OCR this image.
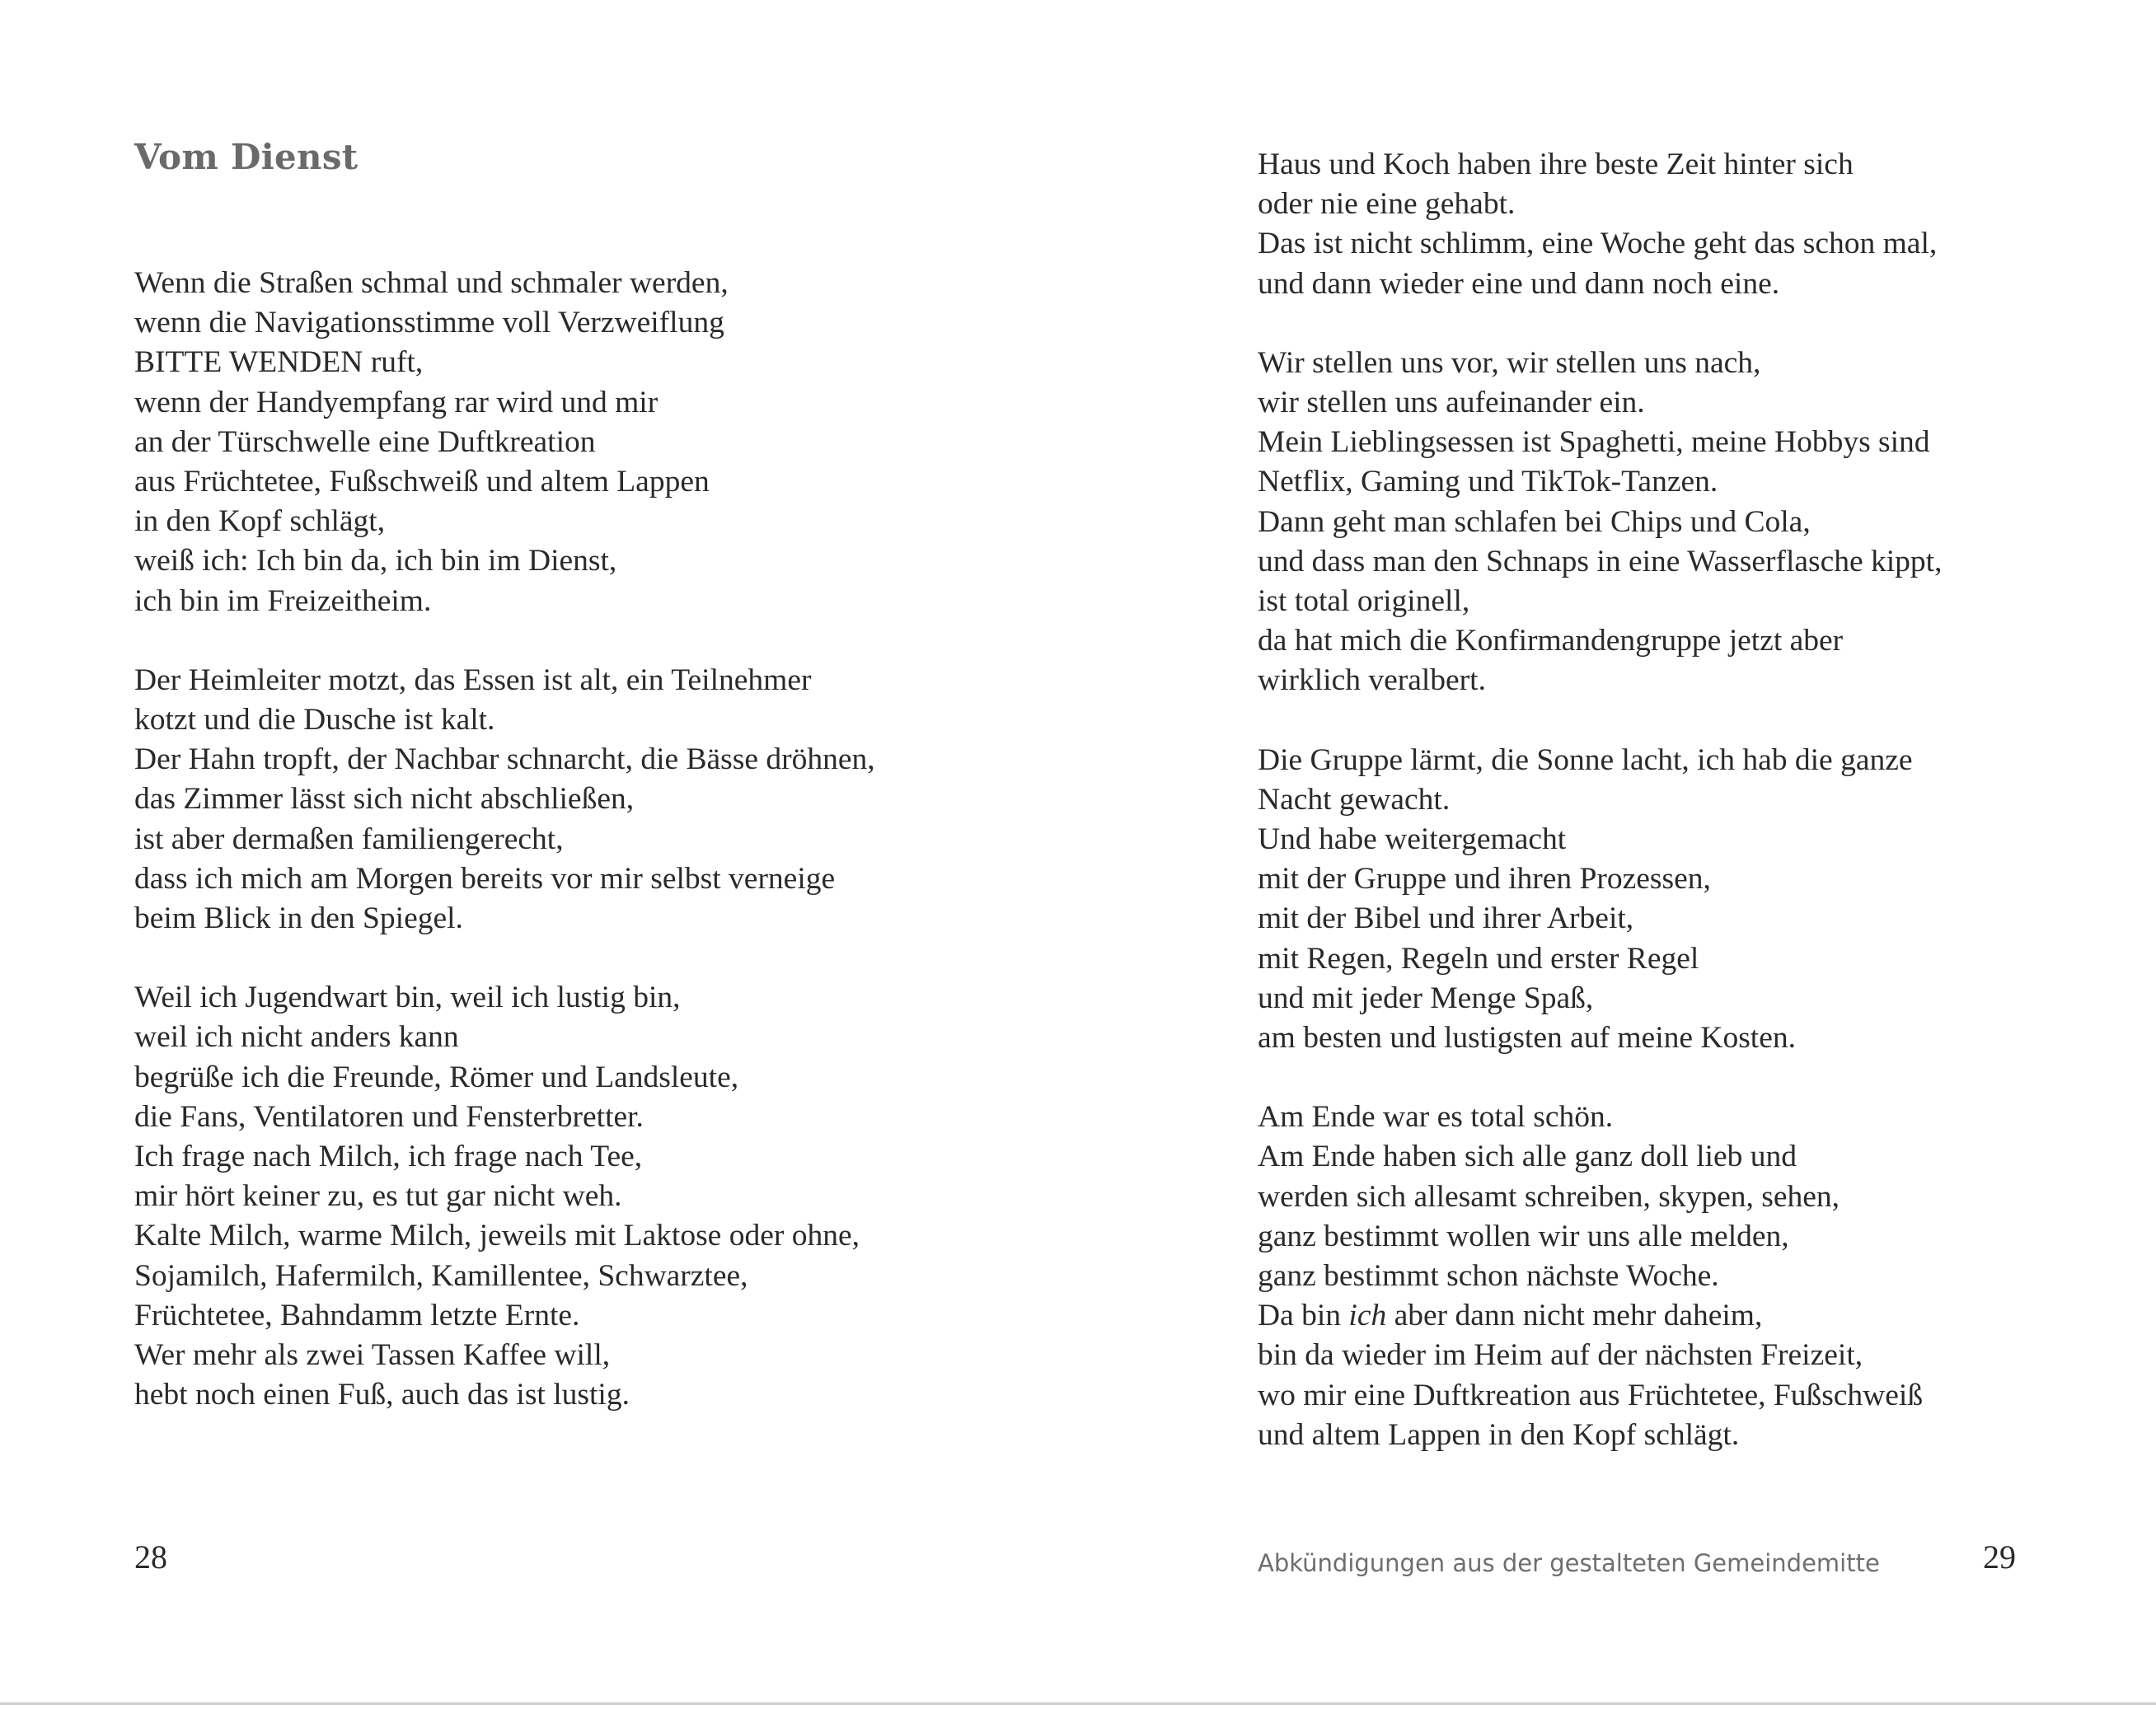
Vom Dienst
Wenn die Straßen schmal und schmaler werden,
wenn die Navigationsstimme voll Verzweiflung
BITTE WENDEN ruft,
wenn der Handyempfang rar wird und mir
an der Türschwelle eine Duftkreation
aus Früchtetee, Fußschweiß und altem Lappen
in den Kopf schlägt,
weiß ich: Ich bin da, ich bin im Dienst,
ich bin im Freizeitheim.
Der Heimleiter motzt, das Essen ist alt, ein Teilnehmer
kotzt und die Dusche ist kalt.
Der Hahn tropft, der Nachbar schnarcht, die Bässe dröhnen,
das Zimmer lässt sich nicht abschließen,
ist aber dermaßen familiengerecht,
dass ich mich am Morgen bereits vor mir selbst verneige
beim Blick in den Spiegel.
Weil ich Jugendwart bin, weil ich lustig bin,
weil ich nicht anders kann
begrüße ich die Freunde, Römer und Landsleute,
die Fans, Ventilatoren und Fensterbretter.
Ich frage nach Milch, ich frage nach Tee,
mir hört keiner zu, es tut gar nicht weh.
Kalte Milch, warme Milch, jeweils mit Laktose oder ohne,
Sojamilch, Hafermilch, Kamillentee, Schwarztee,
Früchtetee, Bahndamm letzte Ernte.
Wer mehr als zwei Tassen Kaffee will,
hebt noch einen Fuß, auch das ist lustig.
28
Haus und Koch haben ihre beste Zeit hinter sich
oder nie eine gehabt.
Das ist nicht schlimm, eine Woche geht das schon mal,
und dann wieder eine und dann noch eine.
Wir stellen uns vor, wir stellen uns nach,
wir stellen uns aufeinander ein.
Mein Lieblingsessen ist Spaghetti, meine Hobbys sind
Netflix, Gaming und TikTok-Tanzen.
Dann geht man schlafen bei Chips und Cola,
und dass man den Schnaps in eine Wasserflasche kippt,
ist total originell,
da hat mich die Konfirmandengruppe jetzt aber
wirklich veralbert.
Die Gruppe lärmt, die Sonne lacht, ich hab die ganze
Nacht gewacht.
Und habe weitergemacht
mit der Gruppe und ihren Prozessen,
mit der Bibel und ihrer Arbeit,
mit Regen, Regeln und erster Regel
und mit jeder Menge Spaß,
am besten und lustigsten auf meine Kosten.
Am Ende war es total schön.
Am Ende haben sich alle ganz doll lieb und
werden sich allesamt schreiben, skypen, sehen,
ganz bestimmt wollen wir uns alle melden,
ganz bestimmt schon nächste Woche.
Da bin ich aber dann nicht mehr daheim,
bin da wieder im Heim auf der nächsten Freizeit,
wo mir eine Duftkreation aus Früchtetee, Fußschweiß
und altem Lappen in den Kopf schlägt.
Abkündigungen aus der gestalteten Gemeindemitte	29
